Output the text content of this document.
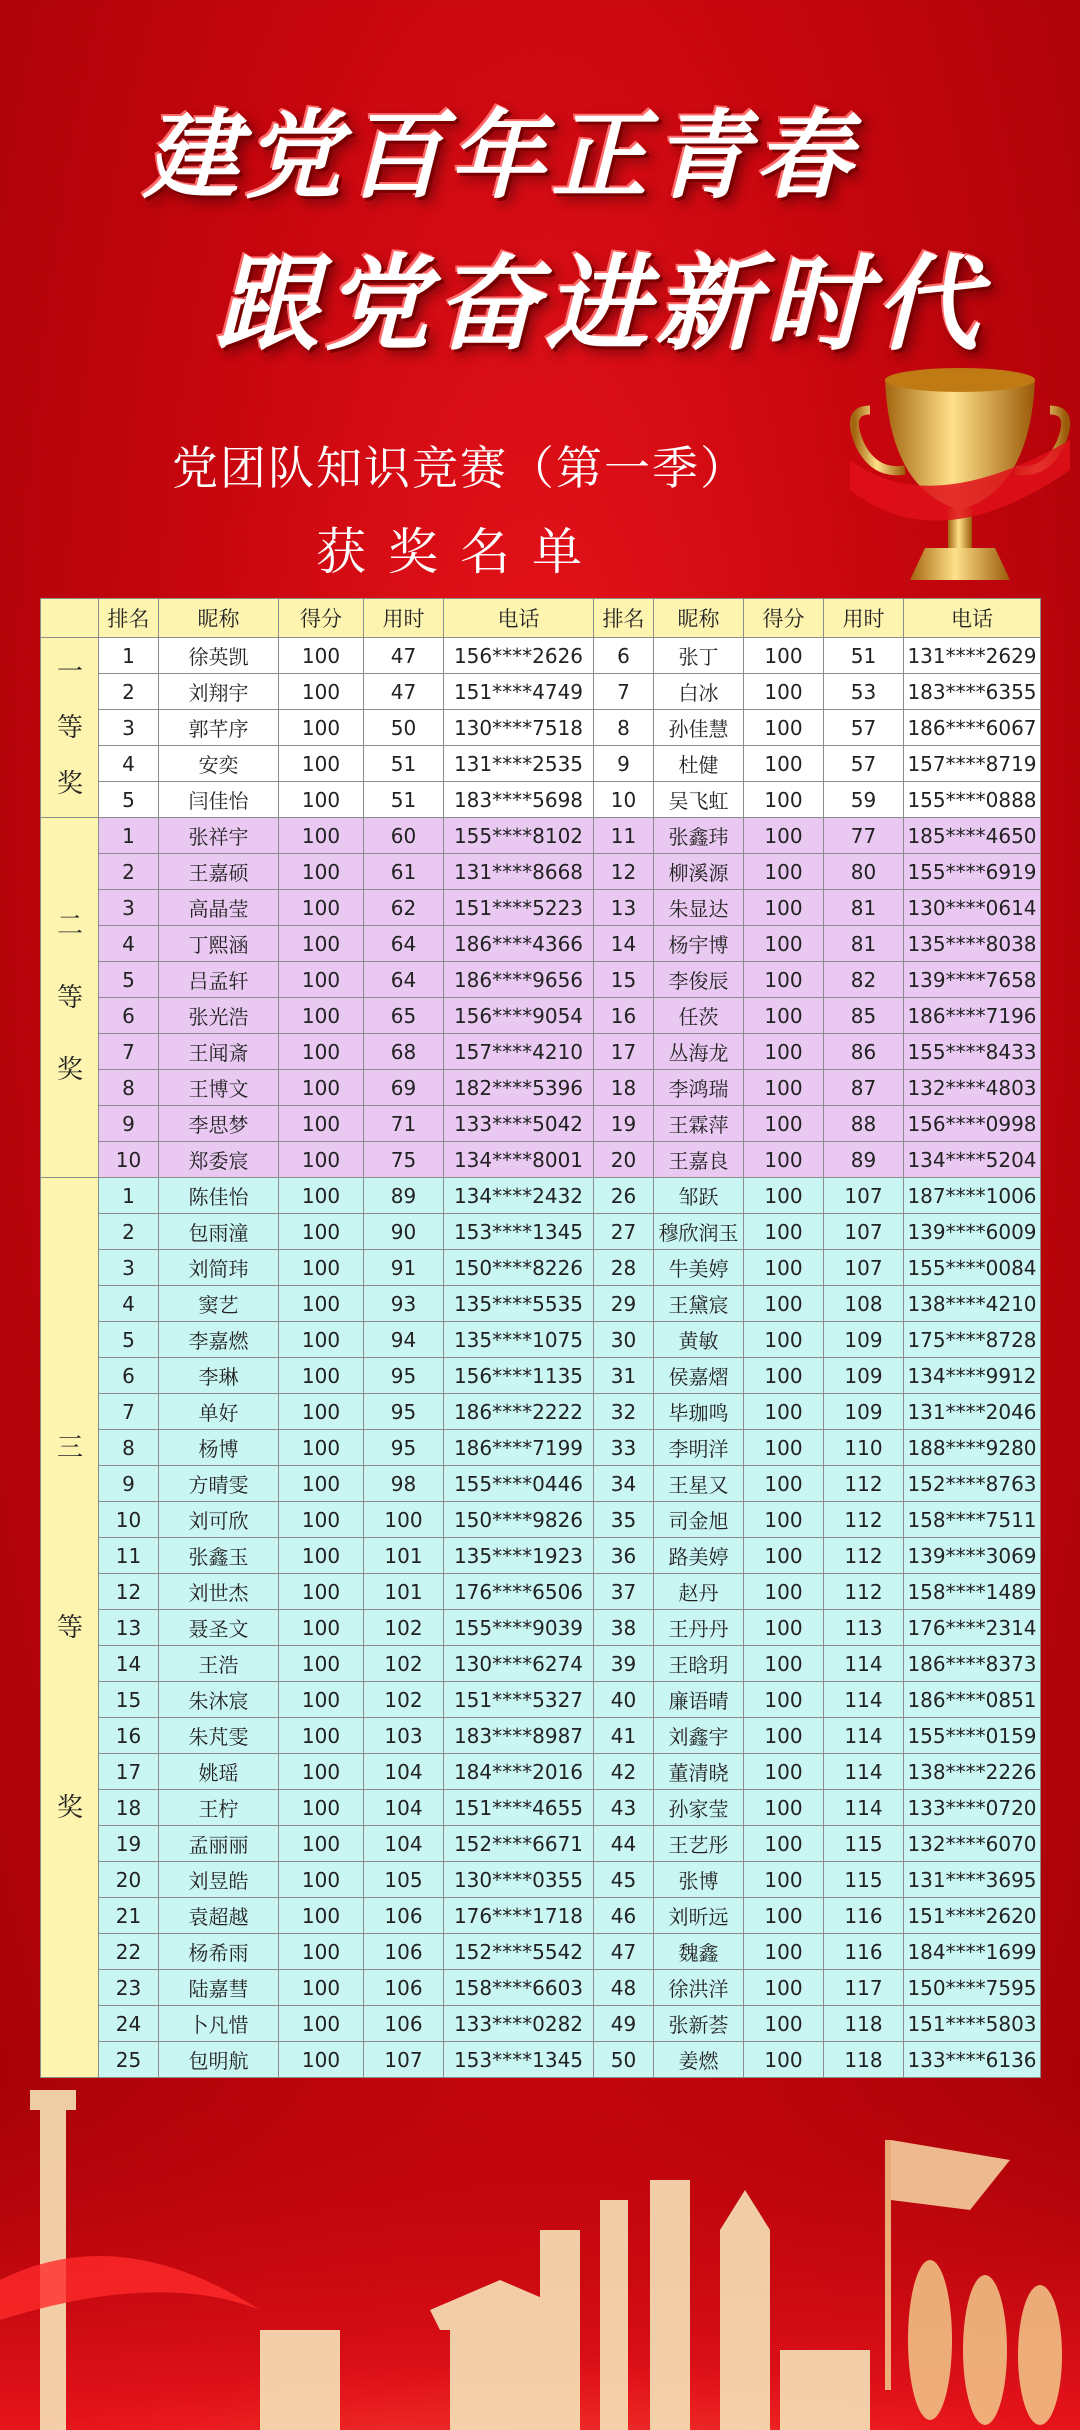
建党百年正青春
跟党奋进新时代
党团队知识竞赛（第一季）
获奖名单
	排名	昵称	得分	用时	电话	排名	昵称	得分	用时	电话
一等奖	1	徐英凯	100	47	156****2626	6	张丁	100	51	131****2629
	2	刘翔宇	100	47	151****4749	7	白冰	100	53	183****6355
	3	郭芊序	100	50	130****7518	8	孙佳慧	100	57	186****6067
	4	安奕	100	51	131****2535	9	杜健	100	57	157****8719
	5	闫佳怡	100	51	183****5698	10	吴飞虹	100	59	155****0888
二等奖	1	张祥宇	100	60	155****8102	11	张鑫玮	100	77	185****4650
	2	王嘉硕	100	61	131****8668	12	柳溪源	100	80	155****6919
	3	高晶莹	100	62	151****5223	13	朱显达	100	81	130****0614
	4	丁熙涵	100	64	186****4366	14	杨宇博	100	81	135****8038
	5	吕孟轩	100	64	186****9656	15	李俊辰	100	82	139****7658
	6	张光浩	100	65	156****9054	16	任茨	100	85	186****7196
	7	王闻斎	100	68	157****4210	17	丛海龙	100	86	155****8433
	8	王博文	100	69	182****5396	18	李鸿瑞	100	87	132****4803
	9	李思梦	100	71	133****5042	19	王霖萍	100	88	156****0998
	10	郑委宸	100	75	134****8001	20	王嘉良	100	89	134****5204
三等奖	1	陈佳怡	100	89	134****2432	26	邹跃	100	107	187****1006
	2	包雨潼	100	90	153****1345	27	穆欣润玉	100	107	139****6009
	3	刘简玮	100	91	150****8226	28	牛美婷	100	107	155****0084
	4	窦艺	100	93	135****5535	29	王黛宸	100	108	138****4210
	5	李嘉燃	100	94	135****1075	30	黄敏	100	109	175****8728
	6	李琳	100	95	156****1135	31	侯嘉熠	100	109	134****9912
	7	单好	100	95	186****2222	32	毕珈鸣	100	109	131****2046
	8	杨博	100	95	186****7199	33	李明洋	100	110	188****9280
	9	方晴雯	100	98	155****0446	34	王星又	100	112	152****8763
	10	刘可欣	100	100	150****9826	35	司金旭	100	112	158****7511
	11	张鑫玉	100	101	135****1923	36	路美婷	100	112	139****3069
	12	刘世杰	100	101	176****6506	37	赵丹	100	112	158****1489
	13	聂圣文	100	102	155****9039	38	王丹丹	100	113	176****2314
	14	王浩	100	102	130****6274	39	王晗玥	100	114	186****8373
	15	朱沐宸	100	102	151****5327	40	廉语晴	100	114	186****0851
	16	朱芃雯	100	103	183****8987	41	刘鑫宇	100	114	155****0159
	17	姚瑶	100	104	184****2016	42	董清晓	100	114	138****2226
	18	王柠	100	104	151****4655	43	孙家莹	100	114	133****0720
	19	孟丽丽	100	104	152****6671	44	王艺彤	100	115	132****6070
	20	刘昱皓	100	105	130****0355	45	张博	100	115	131****3695
	21	袁超越	100	106	176****1718	46	刘昕远	100	116	151****2620
	22	杨希雨	100	106	152****5542	47	魏鑫	100	116	184****1699
	23	陆嘉彗	100	106	158****6603	48	徐洪洋	100	117	150****7595
	24	卜凡惜	100	106	133****0282	49	张新荟	100	118	151****5803
	25	包明航	100	107	153****1345	50	姜燃	100	118	133****6136
